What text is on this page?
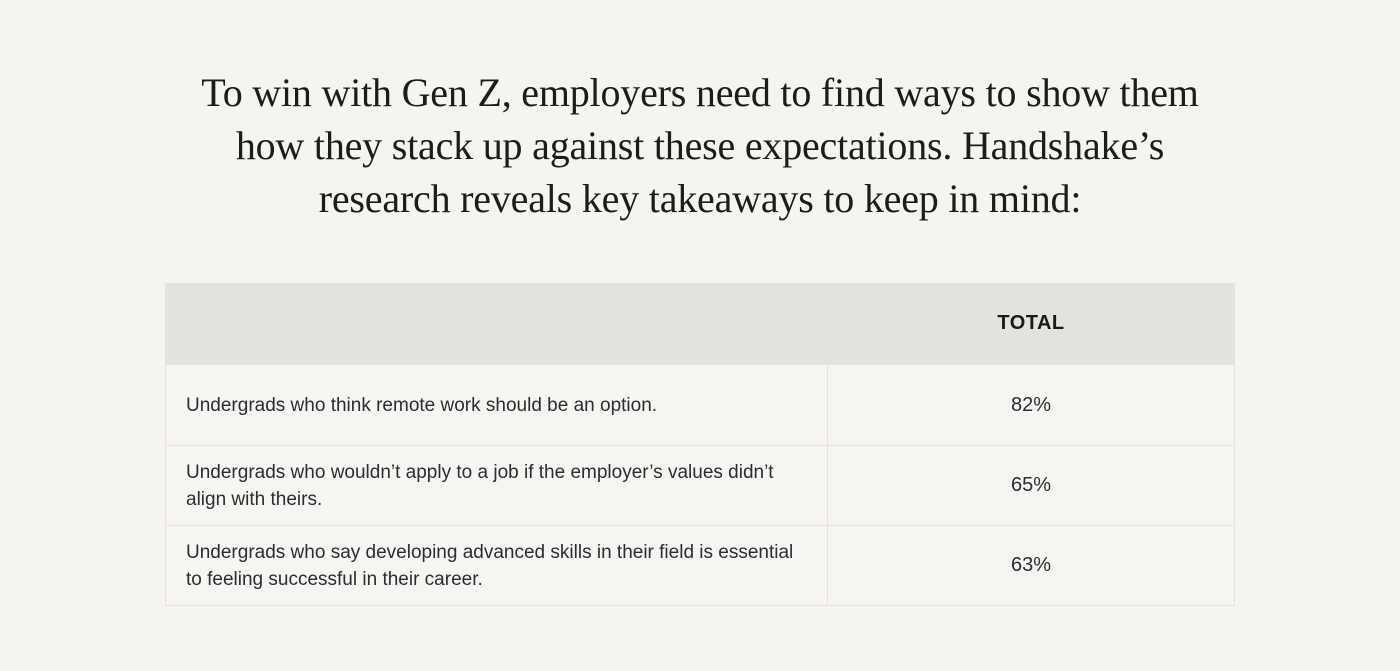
To win with Gen Z, employers need to find ways to show them
how they stack up against these expectations. Handshake’s
research reveals key takeaways to keep in mind:
TOTAL
Undergrads who think remote work should be an option.	82%
Undergrads who wouldn’t apply to a job if the employer’s values didn’t align with theirs.
65%
Undergrads who say developing advanced skills in their field is essential to feeling successful in their career.
63%
